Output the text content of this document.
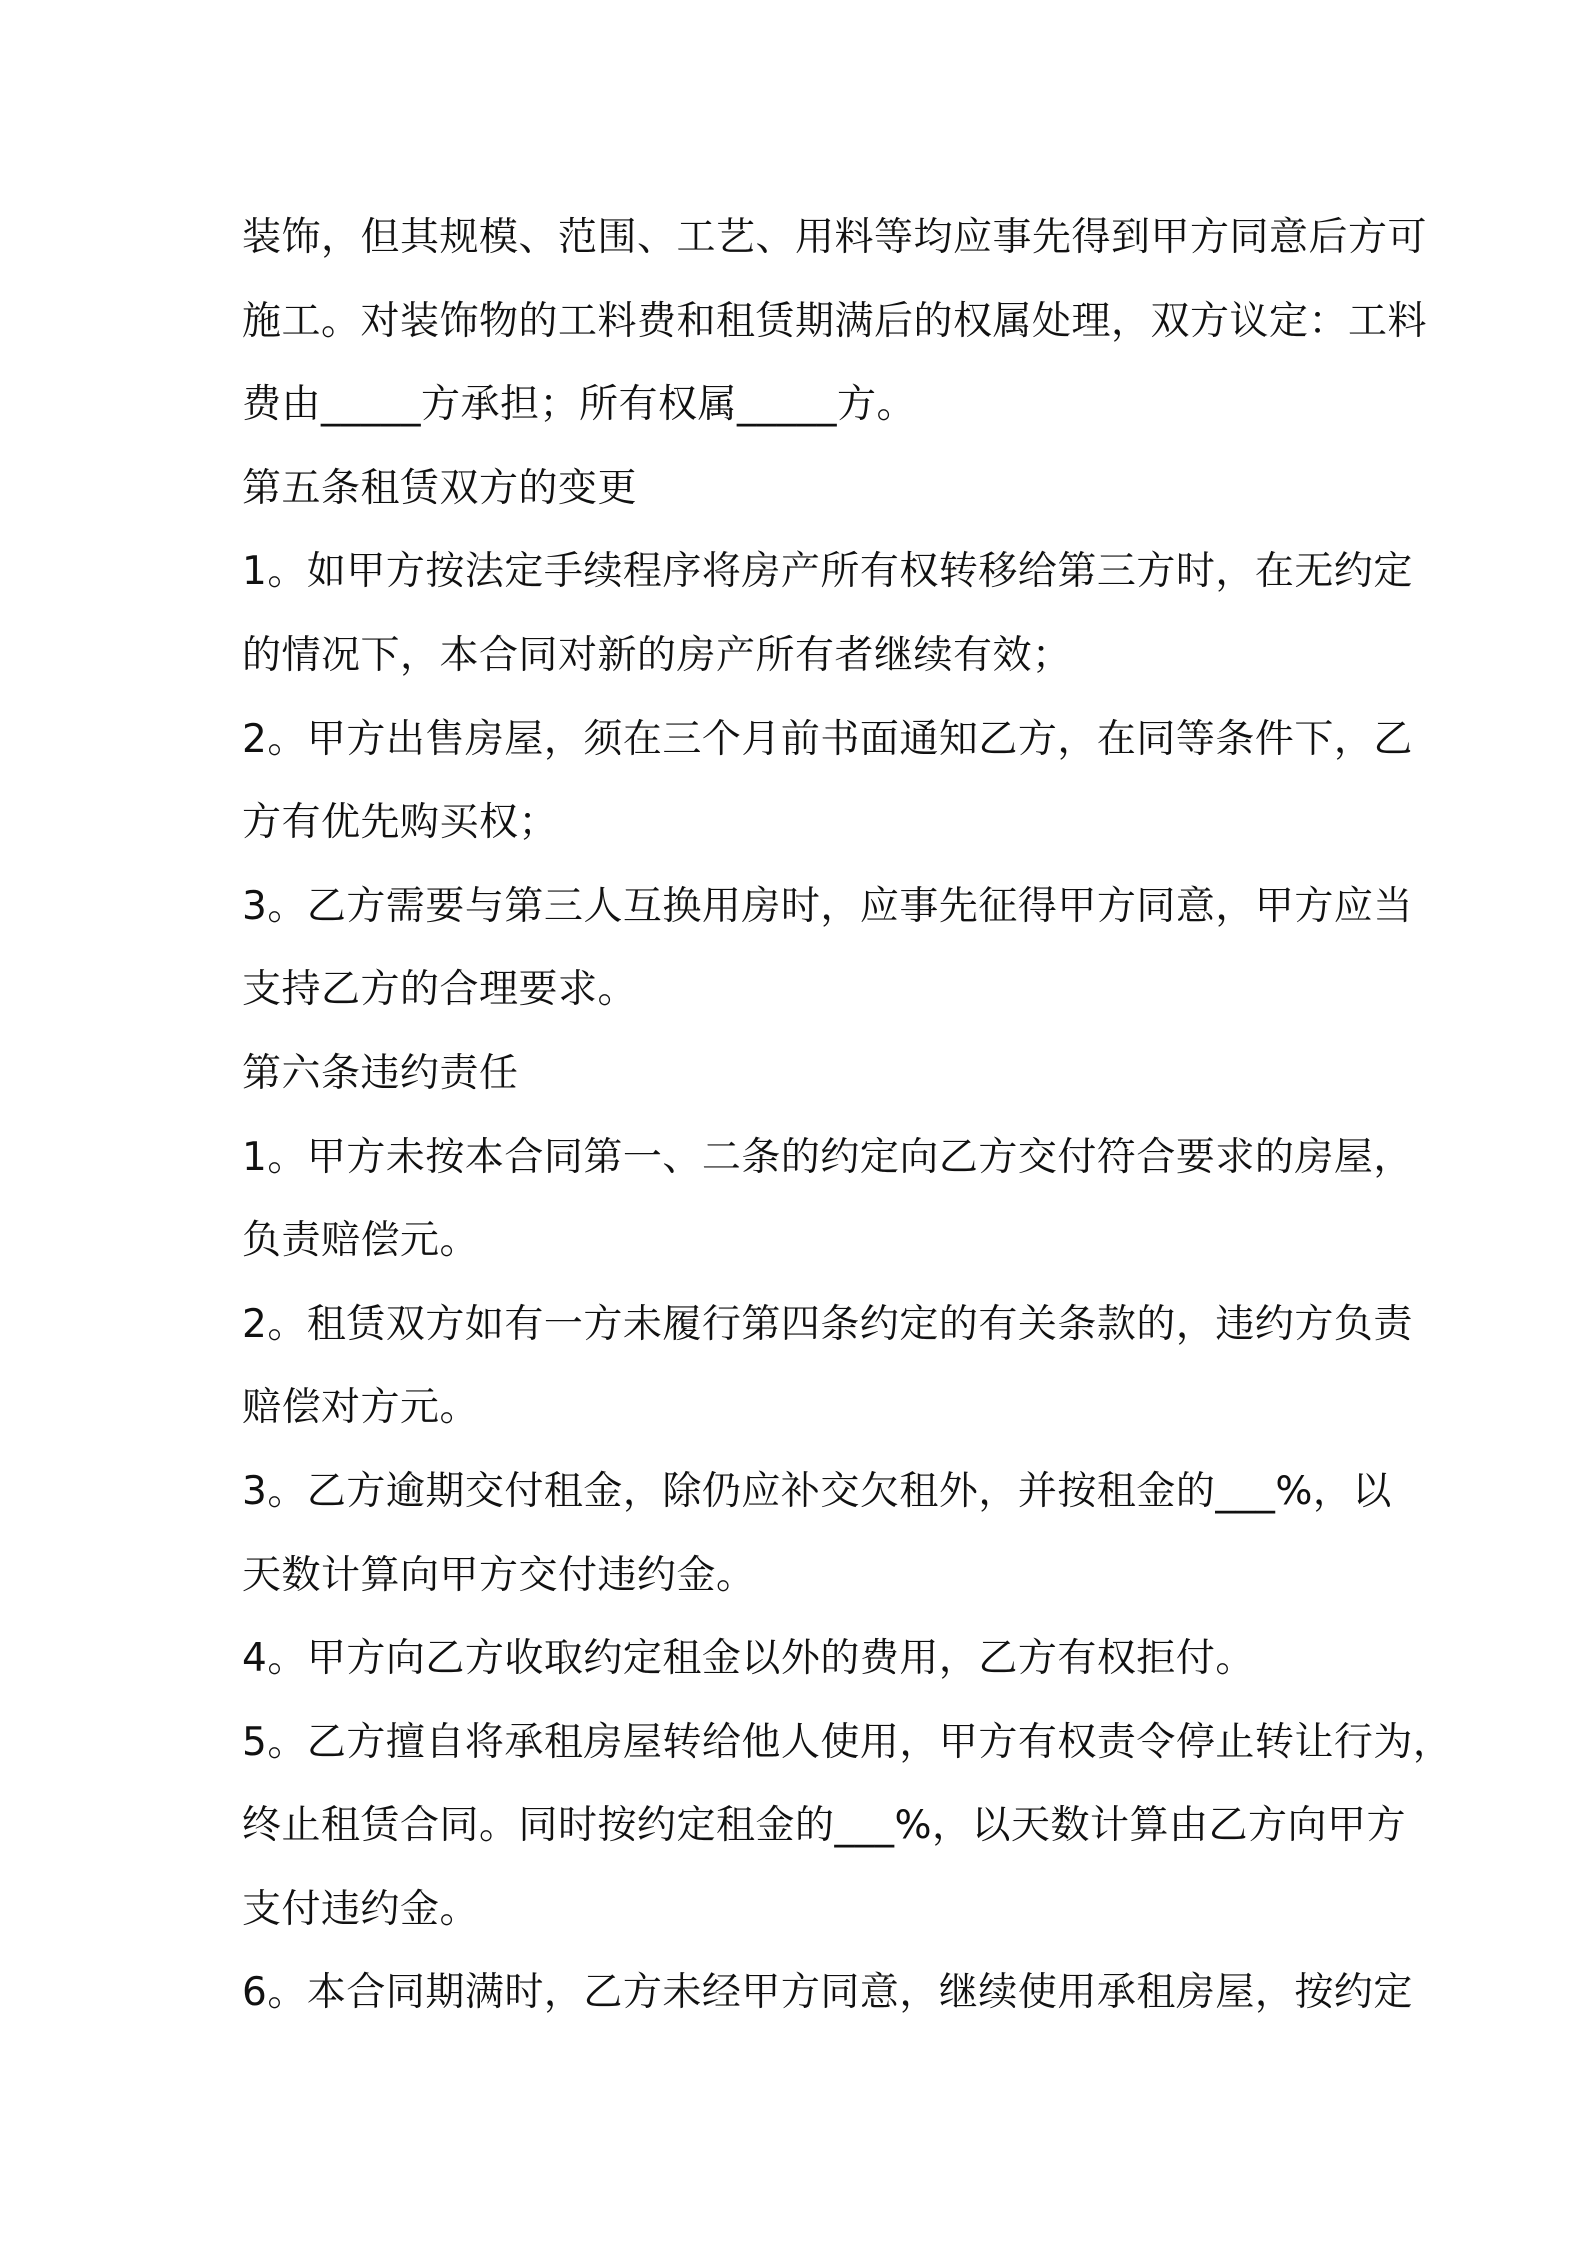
装饰，但其规模、范围、工艺、用料等均应事先得到甲方同意后方可
施工。对装饰物的工料费和租赁期满后的权属处理，双方议定：工料
费由_____方承担；所有权属_____方。
第五条租赁双方的变更
1。如甲方按法定手续程序将房产所有权转移给第三方时，在无约定
的情况下，本合同对新的房产所有者继续有效；
2。甲方出售房屋，须在三个月前书面通知乙方，在同等条件下，乙
方有优先购买权；
3。乙方需要与第三人互换用房时，应事先征得甲方同意，甲方应当
支持乙方的合理要求。
第六条违约责任
1。甲方未按本合同第一、二条的约定向乙方交付符合要求的房屋，
负责赔偿元。
2。租赁双方如有一方未履行第四条约定的有关条款的，违约方负责
赔偿对方元。
3。乙方逾期交付租金，除仍应补交欠租外，并按租金的___%，以
天数计算向甲方交付违约金。
4。甲方向乙方收取约定租金以外的费用，乙方有权拒付。
5。乙方擅自将承租房屋转给他人使用，甲方有权责令停止转让行为，
终止租赁合同。同时按约定租金的___%，以天数计算由乙方向甲方
支付违约金。
6。本合同期满时，乙方未经甲方同意，继续使用承租房屋，按约定
